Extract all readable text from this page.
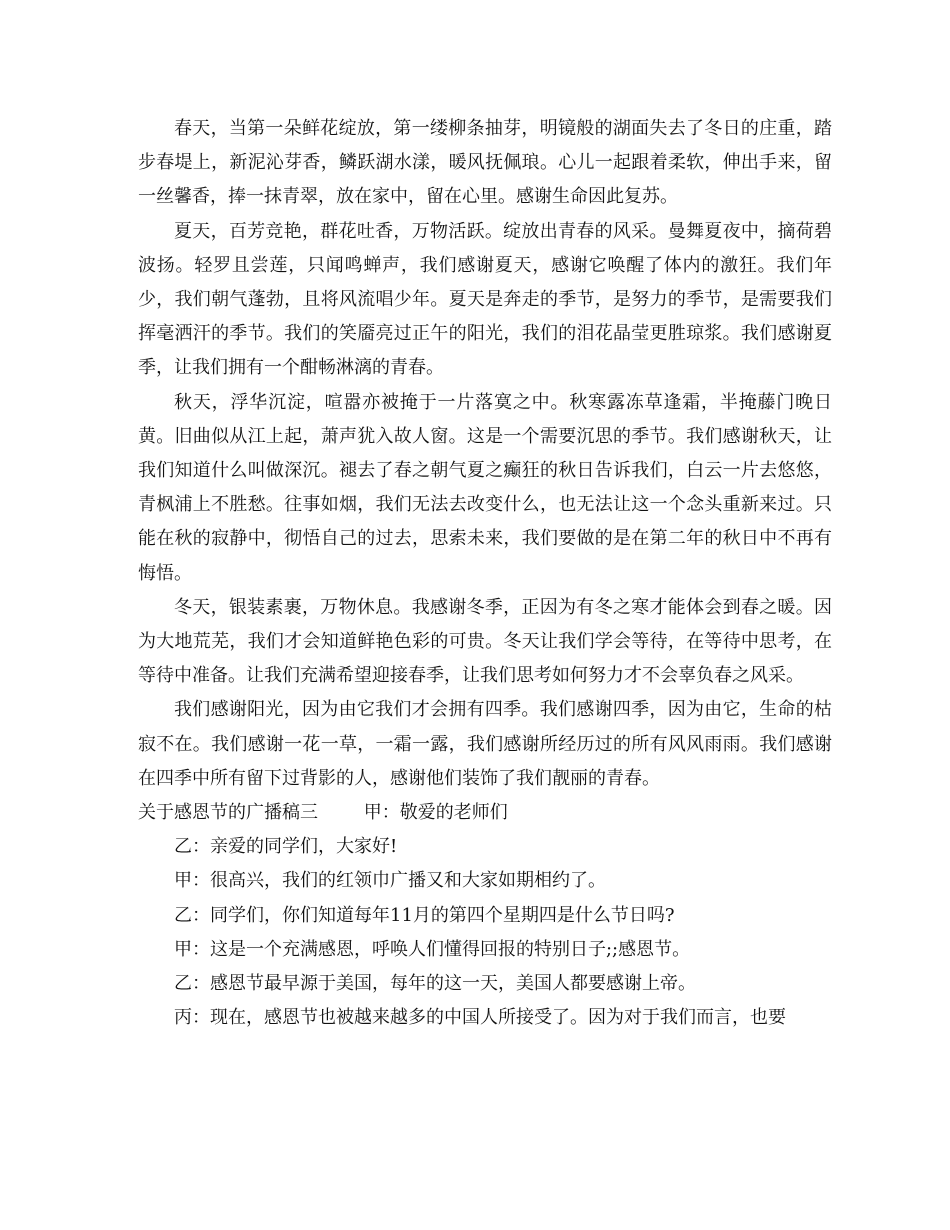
春天，当第一朵鲜花绽放，第一缕柳条抽芽，明镜般的湖面失去了冬日的庄重，踏步春堤上，新泥沁芽香，鳞跃湖水漾，暖风抚佩琅。心儿一起跟着柔软，伸出手来，留一丝馨香，捧一抹青翠，放在家中，留在心里。感谢生命因此复苏。

夏天，百芳竞艳，群花吐香，万物活跃。绽放出青春的风采。曼舞夏夜中，摘荷碧波扬。轻罗且尝莲，只闻鸣蝉声，我们感谢夏天，感谢它唤醒了体内的激狂。我们年少，我们朝气蓬勃，且将风流唱少年。夏天是奔走的季节，是努力的季节，是需要我们挥毫洒汗的季节。我们的笑靥亮过正午的阳光，我们的泪花晶莹更胜琼浆。我们感谢夏季，让我们拥有一个酣畅淋漓的青春。

秋天，浮华沉淀，喧嚣亦被掩于一片落寞之中。秋寒露冻草逢霜，半掩藤门晚日黄。旧曲似从江上起，萧声犹入故人窗。这是一个需要沉思的季节。我们感谢秋天，让我们知道什么叫做深沉。褪去了春之朝气夏之癫狂的秋日告诉我们，白云一片去悠悠，青枫浦上不胜愁。往事如烟，我们无法去改变什么，也无法让这一个念头重新来过。只能在秋的寂静中，彻悟自己的过去，思索未来，我们要做的是在第二年的秋日中不再有悔悟。

冬天，银装素裹，万物休息。我感谢冬季，正因为有冬之寒才能体会到春之暖。因为大地荒芜，我们才会知道鲜艳色彩的可贵。冬天让我们学会等待，在等待中思考，在等待中准备。让我们充满希望迎接春季，让我们思考如何努力才不会辜负春之风采。

我们感谢阳光，因为由它我们才会拥有四季。我们感谢四季，因为由它，生命的枯寂不在。我们感谢一花一草，一霜一露，我们感谢所经历过的所有风风雨雨。我们感谢在四季中所有留下过背影的人，感谢他们装饰了我们靓丽的青春。

关于感恩节的广播稿三        甲：敬爱的老师们

乙：亲爱的同学们，大家好!

甲：很高兴，我们的红领巾广播又和大家如期相约了。

乙：同学们，你们知道每年11月的第四个星期四是什么节日吗?

甲：这是一个充满感恩，呼唤人们懂得回报的特别日子;;感恩节。

乙：感恩节最早源于美国，每年的这一天，美国人都要感谢上帝。

丙：现在，感恩节也被越来越多的中国人所接受了。因为对于我们而言，也要
